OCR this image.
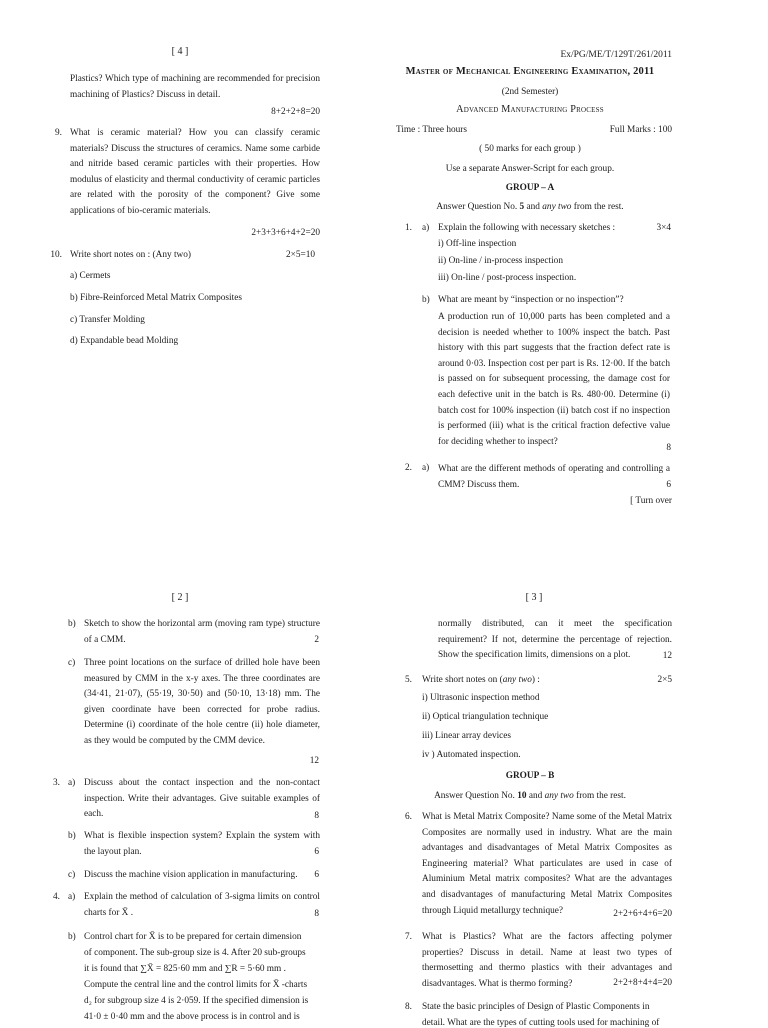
[ 4 ]
Plastics? Which type of machining are recommended for precision machining of Plastics? Discuss in detail.
8+2+2+8=20
9. What is ceramic material? How you can classify ceramic materials? Discuss the structures of ceramics. Name some carbide and nitride based ceramic particles with their properties. How modulus of elasticity and thermal conductivity of ceramic particles are related with the porosity of the component? Give some applications of bio-ceramic materials.
2+3+3+6+4+2=20
10. Write short notes on : (Any two)	2×5=10
a) Cermets
b) Fibre-Reinforced Metal Matrix Composites
c) Transfer Molding
d) Expandable bead Molding
Ex/PG/ME/T/129T/261/2011
Master of Mechanical Engineering Examination, 2011
(2nd Semester)
Advanced Manufacturing Process
Time : Three hours	Full Marks : 100
( 50 marks for each group )
Use a separate Answer-Script for each group.
GROUP – A
Answer Question No. 5 and any two from the rest.
1. a) Explain the following with necessary sketches :	3×4
i) Off-line inspection
ii) On-line / in-process inspection
iii) On-line / post-process inspection.
b) What are meant by “inspection or no inspection”?
A production run of 10,000 parts has been completed and a decision is needed whether to 100% inspect the batch. Past history with this part suggests that the fraction defect rate is around 0·03. Inspection cost per part is Rs. 12·00. If the batch is passed on for subsequent processing, the damage cost for each defective unit in the batch is Rs. 480·00. Determine (i) batch cost for 100% inspection (ii) batch cost if no inspection is performed (iii) what is the critical fraction defective value for deciding whether to inspect?
8
2. a) What are the different methods of operating and controlling a CMM? Discuss them.	6
[ Turn over
[ 2 ]
b) Sketch to show the horizontal arm (moving ram type) structure of a CMM.	2
c) Three point locations on the surface of drilled hole have been measured by CMM in the x-y axes. The three coordinates are (34·41, 21·07), (55·19, 30·50) and (50·10, 13·18) mm. The given coordinate have been corrected for probe radius. Determine (i) coordinate of the hole centre (ii) hole diameter, as they would be computed by the CMM device.
12
3. a) Discuss about the contact inspection and the non-contact inspection. Write their advantages. Give suitable examples of each.	8
b) What is flexible inspection system? Explain the system with the layout plan.	6
c) Discuss the machine vision application in manufacturing. 6
4. a) Explain the method of calculation of 3-sigma limits on control charts for X̄ .	8
b) Control chart for X̄ is to be prepared for certain dimension
of component. The sub-group size is 4. After 20 sub-groups
it is found that ∑X̄ = 825·60 mm and ∑R = 5·60 mm .
Compute the central line and the control limits for X̄ -charts
d₂ for subgroup size 4 is 2·059. If the specified dimension is
41·0 ± 0·40 mm and the above process is in control and is
[ 3 ]
normally distributed, can it meet the specification requirement? If not, determine the percentage of rejection. Show the specification limits, dimensions on a plot.	12
5. Write short notes on (any two) :	2×5
i) Ultrasonic inspection method
ii) Optical triangulation technique
iii) Linear array devices
iv ) Automated inspection.
GROUP – B
Answer Question No. 10 and any two from the rest.
6. What is Metal Matrix Composite? Name some of the Metal Matrix Composites are normally used in industry. What are the main advantages and disadvantages of Metal Matrix Composites as Engineering material? What particulates are used in case of Aluminium Metal matrix composites? What are the advantages and disadvantages of manufacturing Metal Matrix Composites through Liquid metallurgy technique?	2+2+6+4+6=20
7. What is Plastics? What are the factors affecting polymer properties? Discuss in detail. Name at least two types of thermosetting and thermo plastics with their advantages and disadvantages. What is thermo forming?	2+2+8+4+4=20
8. State the basic principles of Design of Plastic Components in
detail. What are the types of cutting tools used for machining of
